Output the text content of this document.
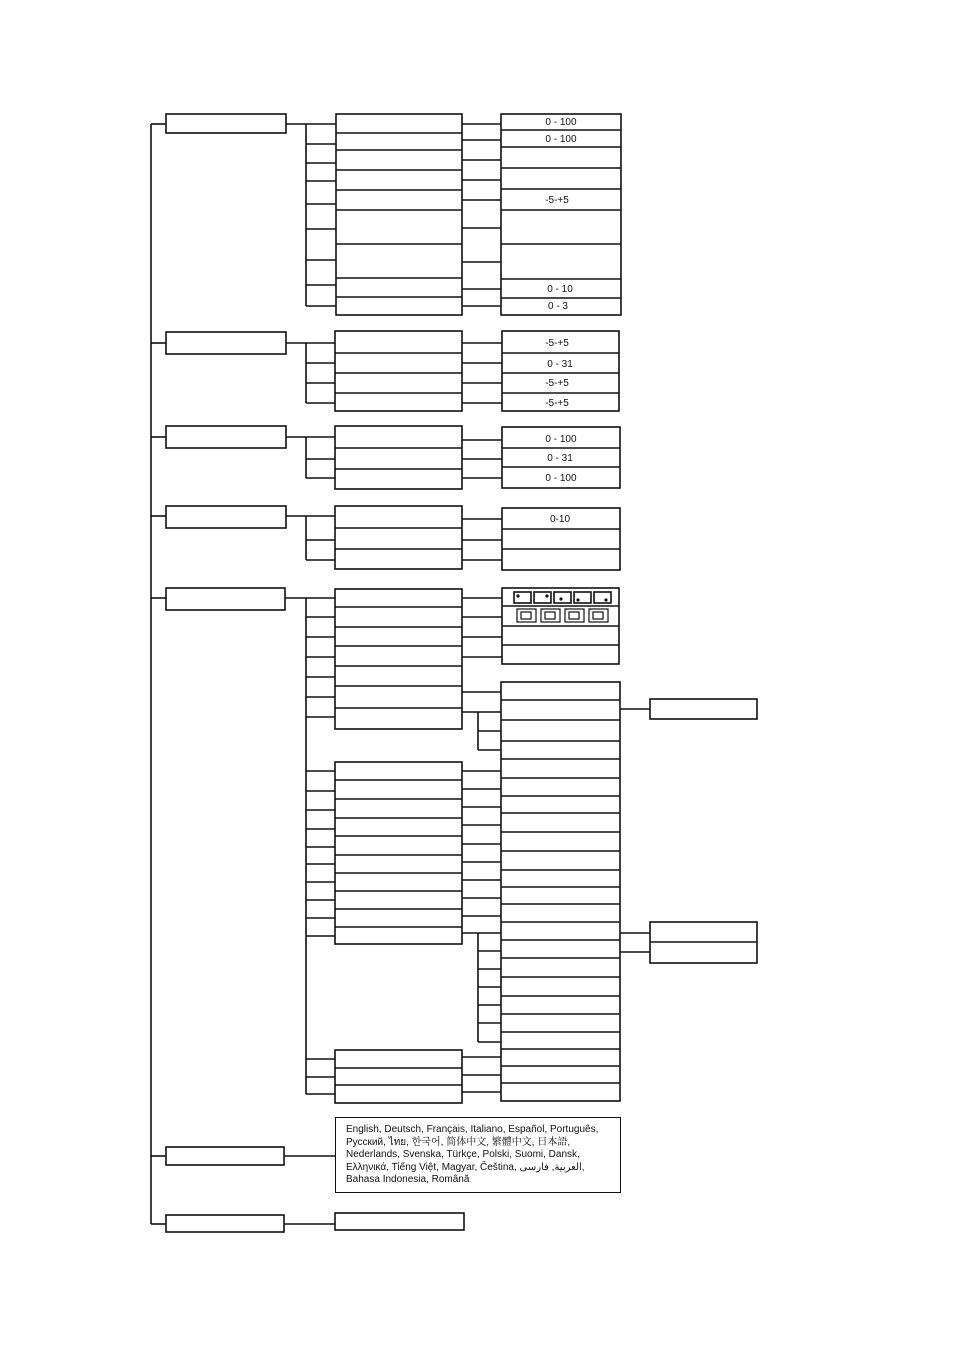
0 - 100
0 - 100
-5-+5
0 - 10
0 - 3
-5-+5
0 - 31
-5-+5
-5-+5
0 - 100
0 - 31
0 - 100
0-10
English, Deutsch, Français, Italiano, Español, Português,
Русский, ไทย, 한국어, 简体中文, 繁體中文, 日本語,
Nederlands, Svenska, Türkçe, Polski, Suomi, Dansk,
Ελληνικά, Tiếng Việt, Magyar, Čeština, العربية, فارسی,
Bahasa Indonesia, Română
